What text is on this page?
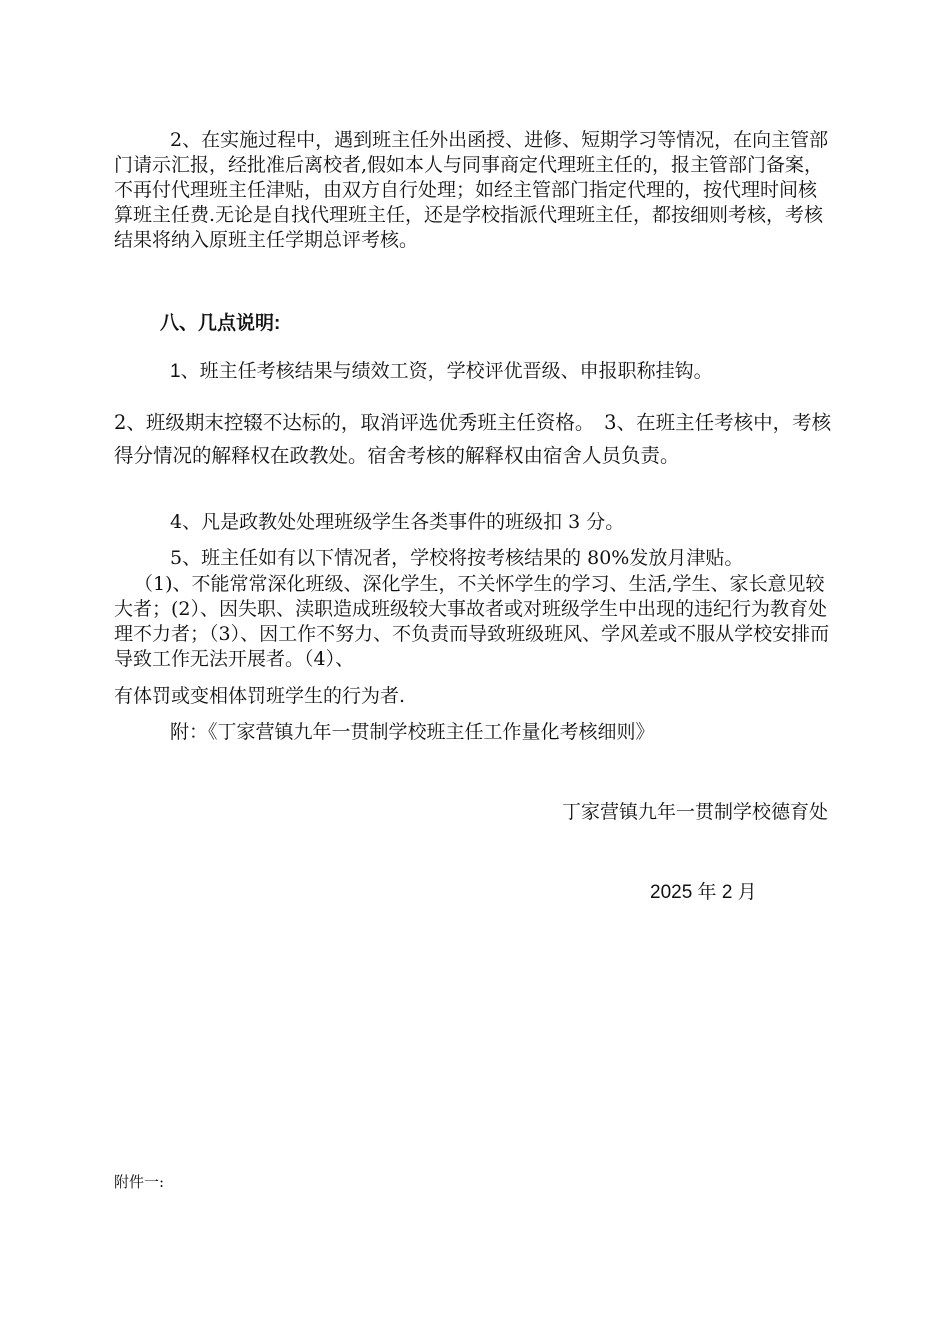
2、在实施过程中，遇到班主任外出函授、进修、短期学习等情况，在向主管部门请示汇报，经批准后离校者,假如本人与同事商定代理班主任的，报主管部门备案，不再付代理班主任津贴，由双方自行处理；如经主管部门指定代理的，按代理时间核算班主任费.无论是自找代理班主任，还是学校指派代理班主任，都按细则考核，考核结果将纳入原班主任学期总评考核。

八、几点说明:

1、班主任考核结果与绩效工资，学校评优晋级、申报职称挂钩。

2、班级期末控辍不达标的，取消评选优秀班主任资格。　3、在班主任考核中，考核得分情况的解释权在政教处。宿舍考核的解释权由宿舍人员负责。

4、凡是政教处处理班级学生各类事件的班级扣 3 分。

5、班主任如有以下情况者，学校将按考核结果的 80%发放月津贴。

（1)、不能常常深化班级、深化学生，不关怀学生的学习、生活,学生、家长意见较大者；(2）、因失职、渎职造成班级较大事故者或对班级学生中出现的违纪行为教育处理不力者；（3）、因工作不努力、不负责而导致班级班风、学风差或不服从学校安排而导致工作无法开展者。（4）、

有体罚或变相体罚班学生的行为者.

附：《丁家营镇九年一贯制学校班主任工作量化考核细则》

丁家营镇九年一贯制学校德育处
2025 年 2 月
附件一:
